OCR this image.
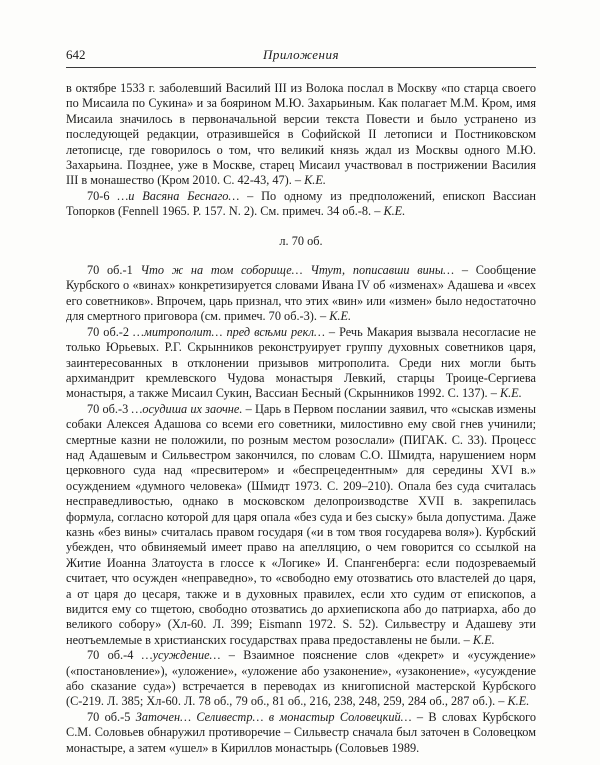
642	Приложения

в октябре 1533 г. заболевший Василий III из Волока послал в Москву «по старца своего по Мисаила по Сукина» и за боярином М.Ю. Захарьиным. Как полагает М.М. Кром, имя Мисаила значилось в первоначальной версии текста Повести и было устранено из последующей редакции, отразившейся в Софийской II летописи и Постниковском летописце, где говорилось о том, что великий князь ждал из Москвы одного М.Ю. Захарьина. Позднее, уже в Москве, старец Мисаил участвовал в пострижении Василия III в монашество (Кром 2010. С. 42-43, 47). – К.Е.

70-6 …и Васяна Беснаго… – По одному из предположений, епископ Вассиан Топорков (Fennell 1965. Р. 157. N. 2). См. примеч. 34 об.-8. – К.Е.

л. 70 об.

70 об.-1 Что ж на том соборище… Чтут, пописавши вины… – Сообщение Курбского о «винах» конкретизируется словами Ивана IV об «изменах» Адашева и «всех его советников». Впрочем, царь признал, что этих «вин» или «измен» было недостаточно для смертного приговора (см. примеч. 70 об.-3). – К.Е.

70 об.-2 …митрополит… пред всѣми рекл… – Речь Макария вызвала несогласие не только Юрьевых. Р.Г. Скрынников реконструирует группу духовных советников царя, заинтересованных в отклонении призывов митрополита. Среди них могли быть архимандрит кремлевского Чудова монастыря Левкий, старцы Троице-Сергиева монастыря, а также Мисаил Сукин, Вассиан Бесный (Скрынников 1992. С. 137). – К.Е.

70 об.-3 …осудиша их заочне. – Царь в Первом послании заявил, что «сыскав измены собаки Алексея Адашова со всеми его советники, милостивно ему свой гнев учинили; смертные казни не положили, по розным местом розослали» (ПИГАК. С. 33). Процесс над Адашевым и Сильвестром закончился, по словам С.О. Шмидта, нарушением норм церковного суда над «пресвитером» и «беспрецедентным» для середины XVI в.» осуждением «думного человека» (Шмидт 1973. С. 209–210). Опала без суда считалась несправедливостью, однако в московском делопроизводстве XVII в. закрепилась формула, согласно которой для царя опала «без суда и без сыску» была допустима. Даже казнь «без вины» считалась правом государя («и в том твоя государева воля»). Курбский убежден, что обвиняемый имеет право на апелляцию, о чем говорится со ссылкой на Житие Иоанна Златоуста в глоссе к «Логике» И. Спангенберга: если подозреваемый считает, что осужден «неправедно», то «свободно ему отозватись ото властелей до царя, а от царя до цесаря, также и в духовных правилех, если хто судим от епископов, а видится ему со тщетою, свободно отозватись до архиепископа або до патриарха, або до великого собору» (Хл-60. Л. 399; Eismann 1972. S. 52). Сильвестру и Адашеву эти неотъемлемые в христианских государствах права предоставлены не были. – К.Е.

70 об.-4 …усуждение… – Взаимное пояснение слов «декрет» и «усуждение» («постановление»), «уложение», «уложение або узаконение», «узаконение», «усуждение або сказание суда») встречается в переводах из книгописной мастерской Курбского (С-219. Л. 385; Хл-60. Л. 78 об., 79 об., 81 об., 216, 238, 248, 259, 284 об., 287 об.). – К.Е.

70 об.-5 Заточен… Селивестр… в монастыр Соловецкий… – В словах Курбского С.М. Соловьев обнаружил противоречие – Сильвестр сначала был заточен в Соловецком монастыре, а затем «ушел» в Кириллов монастырь (Соловьев 1989.
